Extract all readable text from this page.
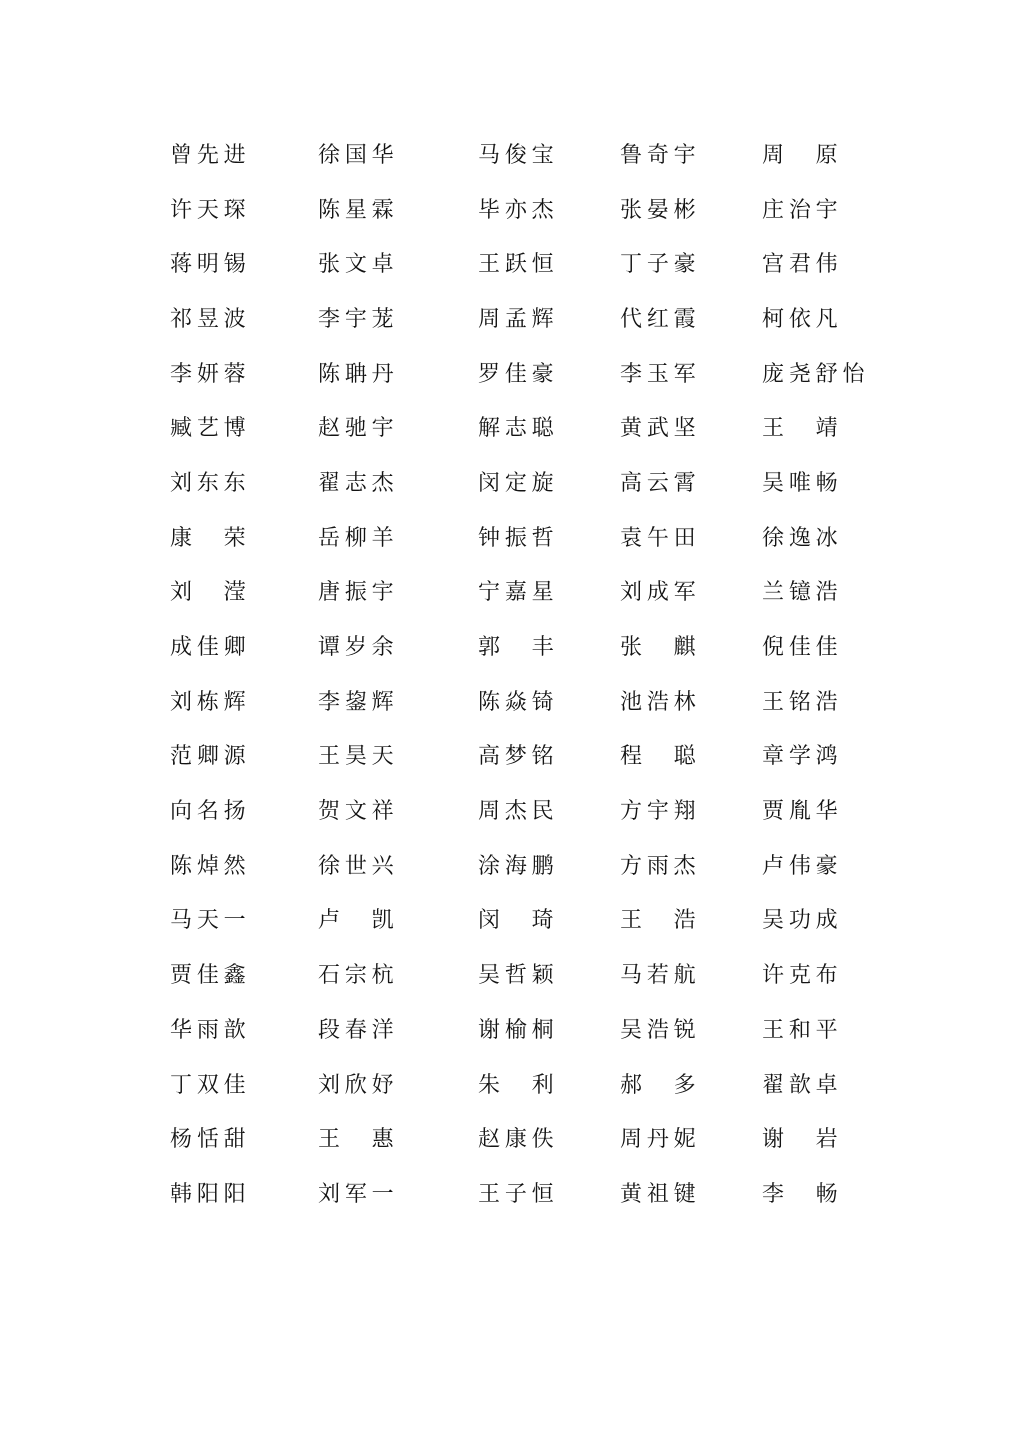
曾先进	徐国华	马俊宝	鲁奇宇	周　原
许天琛	陈星霖	毕亦杰	张晏彬	庄治宇
蒋明锡	张文卓	王跃恒	丁子豪	宫君伟
祁昱波	李宇茏	周孟辉	代红霞	柯依凡
李妍蓉	陈聃丹	罗佳豪	李玉军	庞尧舒怡
臧艺博	赵驰宇	解志聪	黄武坚	王　靖
刘东东	翟志杰	闵定旋	高云霄	吴唯畅
康　荣	岳柳羊	钟振哲	袁午田	徐逸冰
刘　滢	唐振宇	宁嘉星	刘成军	兰镱浩
成佳卿	谭岁余	郭　丰	张　麒	倪佳佳
刘栋辉	李鋆辉	陈焱锜	池浩林	王铭浩
范卿源	王昊天	高梦铭	程　聪	章学鸿
向名扬	贺文祥	周杰民	方宇翔	贾胤华
陈焯然	徐世兴	涂海鹏	方雨杰	卢伟豪
马天一	卢　凯	闵　琦	王　浩	吴功成
贾佳鑫	石宗杭	吴哲颖	马若航	许克布
华雨歆	段春洋	谢榆桐	吴浩锐	王和平
丁双佳	刘欣妤	朱　利	郝　多	翟歆卓
杨恬甜	王　惠	赵康佚	周丹妮	谢　岩
韩阳阳	刘军一	王子恒	黄祖键	李　畅
